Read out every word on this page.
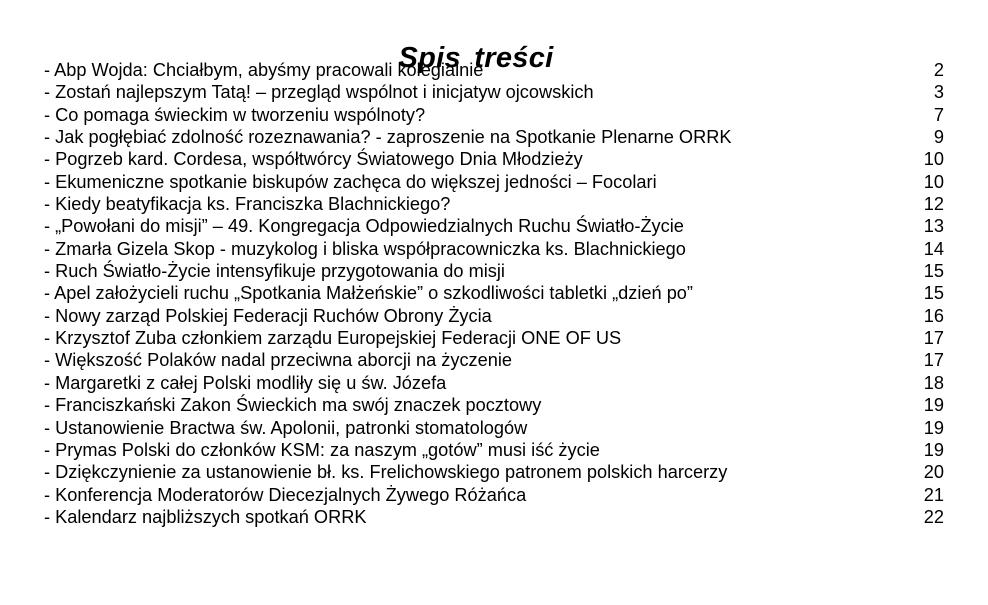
Spis treści
- Abp Wojda: Chciałbym, abyśmy pracowali kolegialnie	2
- Zostań najlepszym Tatą! – przegląd wspólnot i inicjatyw ojcowskich	3
- Co pomaga świeckim w tworzeniu wspólnoty?	7
- Jak pogłębiać zdolność rozeznawania? - zaproszenie na Spotkanie Plenarne ORRK	9
- Pogrzeb kard. Cordesa, współtwórcy Światowego Dnia Młodzieży	10
- Ekumeniczne spotkanie biskupów zachęca do większej jedności – Focolari	10
- Kiedy beatyfikacja ks. Franciszka Blachnickiego?	12
- „Powołani do misji” – 49. Kongregacja Odpowiedzialnych Ruchu Światło-Życie	13
- Zmarła Gizela Skop - muzykolog i bliska współpracowniczka ks. Blachnickiego	14
- Ruch Światło-Życie intensyfikuje przygotowania do misji	15
- Apel założycieli ruchu „Spotkania Małżeńskie” o szkodliwości tabletki „dzień po”	15
- Nowy zarząd Polskiej Federacji Ruchów Obrony Życia	16
- Krzysztof Zuba członkiem zarządu Europejskiej Federacji ONE OF US	17
- Większość Polaków nadal przeciwna aborcji na życzenie	17
- Margaretki z całej Polski modliły się u św. Józefa	18
- Franciszkański Zakon Świeckich ma swój znaczek pocztowy	19
- Ustanowienie Bractwa św. Apolonii, patronki stomatologów	19
- Prymas Polski do członków KSM: za naszym „gotów” musi iść życie	19
- Dziękczynienie za ustanowienie bł. ks. Frelichowskiego patronem polskich harcerzy	20
- Konferencja Moderatorów Diecezjalnych Żywego Różańca	21
- Kalendarz najbliższych spotkań ORRK	22
